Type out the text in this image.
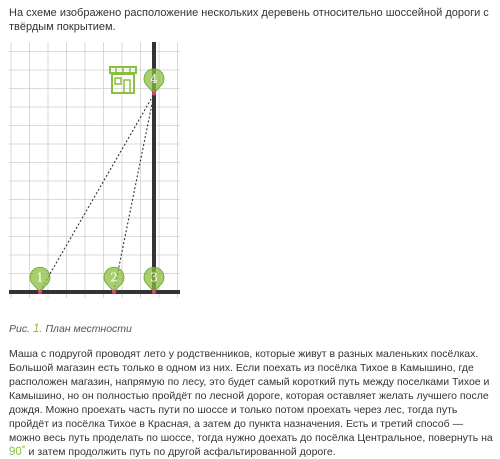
На схеме изображено расположение нескольких деревень относительно шоссейной дороги с твёрдым покрытием.
1	2	3
4
Рис. 1. План местности
Маша с подругой проводят лето у родственников, которые живут в разных маленьких посёлках. Большой магазин есть только в одном из них. Если поехать из посёлка Тихое в Камышино, где расположен магазин, напрямую по лесу, это будет самый короткий путь между поселками Тихое и Камышино, но он полностью пройдёт по лесной дороге, которая оставляет желать лучшего после дождя. Можно проехать часть пути по шоссе и только потом проехать через лес, тогда путь пройдёт из посёлка Тихое в Красная, а затем до пункта назначения. Есть и третий способ — можно весь путь проделать по шоссе, тогда нужно доехать до посёлка Центральное, повернуть на 90˚ и затем продолжить путь по другой асфальтированной дороге.
